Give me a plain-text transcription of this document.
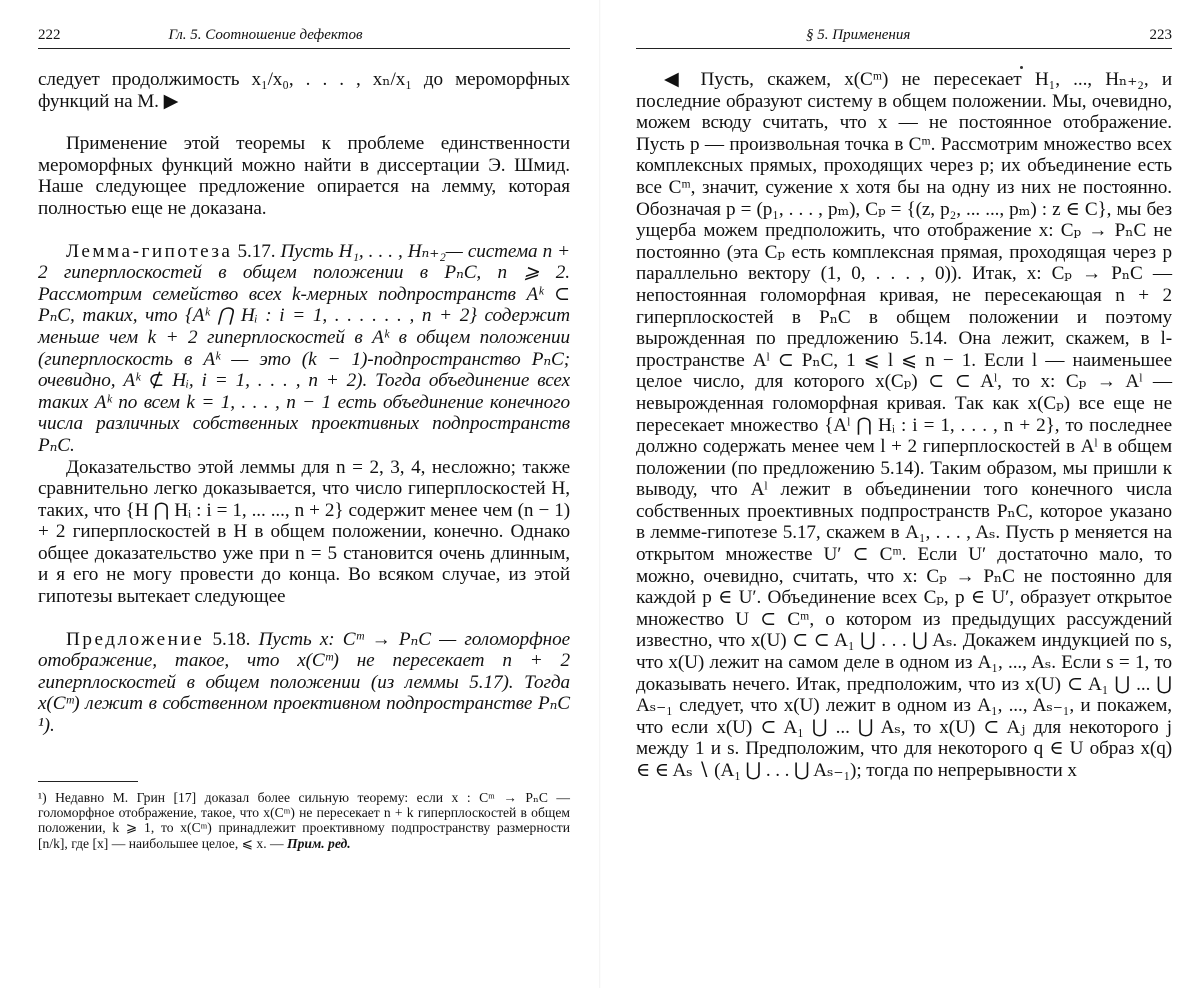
222	Гл. 5. Соотношение дефектов

следует продолжимость x₁/x₀, . . . , xₙ/x₁ до мероморфных функций на M. ▶

Применение этой теоремы к проблеме единственности мероморфных функций можно найти в диссертации Э. Шмид. Наше следующее предложение опирается на лемму, которая полностью еще не доказана.

Лемма-гипотеза 5.17. Пусть H₁, . . . , Hₙ₊₂— система n + 2 гиперплоскостей в общем положении в PₙC, n ⩾ 2. Рассмотрим семейство всех k-мерных подпространств Aᵏ ⊂ PₙC, таких, что {Aᵏ ⋂ Hᵢ : i = 1, . . . . . . , n + 2} содержит меньше чем k + 2 гиперплоскостей в Aᵏ в общем положении (гиперплоскость в Aᵏ — это (k − 1)-подпространство PₙC; очевидно, Aᵏ ⊄ Hᵢ, i = 1, . . . , n + 2). Тогда объединение всех таких Aᵏ по всем k = 1, . . . , n − 1 есть объединение конечного числа различных собственных проективных подпространств PₙC.

Доказательство этой леммы для n = 2, 3, 4, несложно; также сравнительно легко доказывается, что число гиперплоскостей H, таких, что {H ⋂ Hᵢ : i = 1, ... ..., n + 2} содержит менее чем (n − 1) + 2 гиперплоскостей в H в общем положении, конечно. Однако общее доказательство уже при n = 5 становится очень длинным, и я его не могу провести до конца. Во всяком случае, из этой гипотезы вытекает следующее

Предложение 5.18. Пусть x: Cᵐ → PₙC — голоморфное отображение, такое, что x(Cᵐ) не пересекает n + 2 гиперплоскостей в общем положении (из леммы 5.17). Тогда x(Cᵐ) лежит в собственном проективном подпространстве PₙC ¹).

¹) Недавно М. Грин [17] доказал более сильную теорему: если x : Cᵐ → PₙC — голоморфное отображение, такое, что x(Cᵐ) не пересекает n + k гиперплоскостей в общем положении, k ⩾ 1, то x(Cᵐ) принадлежит проективному подпространству размерности [n/k], где [x] — наибольшее целое, ⩽ x. — Прим. ред.
§ 5. Применения	223

◀ Пусть, скажем, x(Cᵐ) не пересекает H₁, ..., Hₙ₊₂, и последние образуют систему в общем положении. Мы, очевидно, можем всюду считать, что x — не постоянное отображение. Пусть p — произвольная точка в Cᵐ. Рассмотрим множество всех комплексных прямых, проходящих через p; их объединение есть все Cᵐ, значит, сужение x хотя бы на одну из них не постоянно. Обозначая p = (p₁, . . . , pₘ), Cₚ = {(z, p₂, ... ..., pₘ) : z ∈ C}, мы без ущерба можем предположить, что отображение x: Cₚ → PₙC не постоянно (эта Cₚ есть комплексная прямая, проходящая через p параллельно вектору (1, 0, . . . , 0)). Итак, x: Cₚ → PₙC — непостоянная голоморфная кривая, не пересекающая n + 2 гиперплоскостей в PₙC в общем положении и поэтому вырожденная по предложению 5.14. Она лежит, скажем, в l-пространстве Aˡ ⊂ PₙC, 1 ⩽ l ⩽ n − 1. Если l — наименьшее целое число, для которого x(Cₚ) ⊂ ⊂ Aˡ, то x: Cₚ → Aˡ — невырожденная голоморфная кривая. Так как x(Cₚ) все еще не пересекает множество {Aˡ ⋂ Hᵢ : i = 1, . . . , n + 2}, то последнее должно содержать менее чем l + 2 гиперплоскостей в Aˡ в общем положении (по предложению 5.14). Таким образом, мы пришли к выводу, что Aˡ лежит в объединении того конечного числа собственных проективных подпространств PₙC, которое указано в лемме-гипотезе 5.17, скажем в A₁, . . . , Aₛ. Пусть p меняется на открытом множестве U′ ⊂ Cᵐ. Если U′ достаточно мало, то можно, очевидно, считать, что x: Cₚ → PₙC не постоянно для каждой p ∈ U′. Объединение всех Cₚ, p ∈ U′, образует открытое множество U ⊂ Cᵐ, о котором из предыдущих рассуждений известно, что x(U) ⊂ ⊂ A₁ ⋃ . . . ⋃ Aₛ. Докажем индукцией по s, что x(U) лежит на самом деле в одном из A₁, ..., Aₛ. Если s = 1, то доказывать нечего. Итак, предположим, что из x(U) ⊂ A₁ ⋃ ... ⋃ Aₛ₋₁ следует, что x(U) лежит в одном из A₁, ..., Aₛ₋₁, и покажем, что если x(U) ⊂ A₁ ⋃ ... ⋃ Aₛ, то x(U) ⊂ Aⱼ для некоторого j между 1 и s. Предположим, что для некоторого q ∈ U образ x(q) ∈ ∈ Aₛ ∖ (A₁ ⋃ . . . ⋃ Aₛ₋₁); тогда по непрерывности x
